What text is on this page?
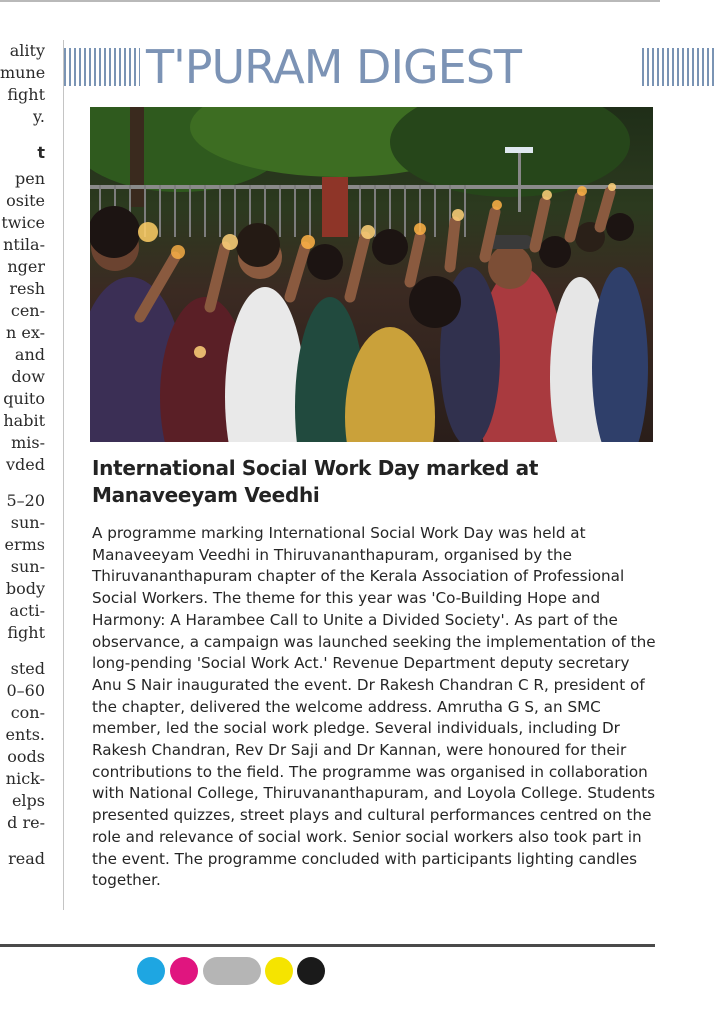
ality
mune
fight
y.
t
pen
osite
twice
ntila-
nger
resh
cen-
n ex-
and
dow
quito
habit
mis-
vded
5–20
sun-
erms
sun-
body
acti-
fight
sted
0–60
con-
ents.
oods
nick-
elps
d re-
read
T'PURAM DIGEST
International Social Work Day marked at Manaveeyam Veedhi
A programme marking International Social Work Day was held at Manaveeyam Veedhi in Thiruvananthapuram, organised by the Thiruvananthapuram chapter of the Kerala Association of Professional Social Workers. The theme for this year was 'Co-Building Hope and Harmony: A Harambee Call to Unite a Divided Society'. As part of the observance, a campaign was launched seeking the implementation of the long-pending 'Social Work Act.' Revenue Department deputy secretary Anu S Nair inaugurated the event. Dr Rakesh Chandran C R, president of the chapter, delivered the welcome address. Amrutha G S, an SMC member, led the social work pledge. Several individuals, including Dr Rakesh Chandran, Rev Dr Saji and Dr Kannan, were honoured for their contributions to the field. The programme was organised in collaboration with National College, Thiruvananthapuram, and Loyola College. Students presented quizzes, street plays and cultural performances centred on the role and relevance of social work. Senior social workers also took part in the event. The programme concluded with participants lighting candles together.
